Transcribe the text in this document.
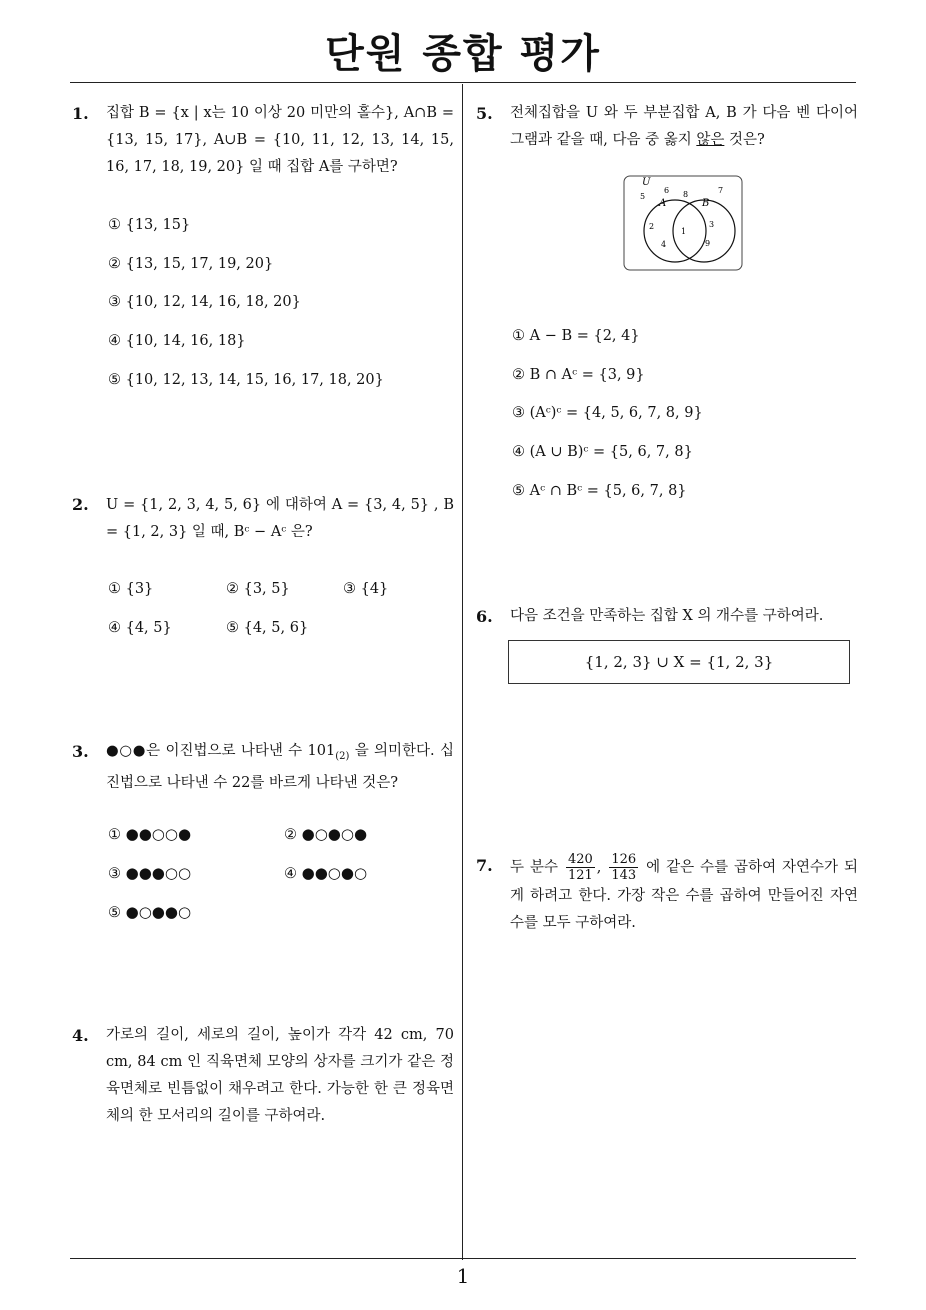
단원 종합 평가
1
1. 집합 B = {x | x는 10 이상 20 미만의 홀수}, A∩B = {13, 15, 17}, A∪B = {10, 11, 12, 13, 14, 15, 16, 17, 18, 19, 20} 일 때 집합 A를 구하면?
① {13, 15}
② {13, 15, 17, 19, 20}
③ {10, 12, 14, 16, 18, 20}
④ {10, 14, 16, 18}
⑤ {10, 12, 13, 14, 15, 16, 17, 18, 20}
2. U = {1, 2, 3, 4, 5, 6} 에 대하여 A = {3, 4, 5} , B = {1, 2, 3} 일 때, Bᶜ − Aᶜ 은?
① {3}	② {3, 5}	③ {4}
④ {4, 5}	⑤ {4, 5, 6}
3. ●○●은 이진법으로 나타낸 수 $101_{(2)}$ 을 의미한다. 십진법으로 나타낸 수 22를 바르게 나타낸 것은?
① ●●○○●	② ●○●○●
③ ●●●○○	④ ●●○●○
⑤ ●○●●○
4. 가로의 길이, 세로의 길이, 높이가 각각 42 cm, 70 cm, 84 cm 인 직육면체 모양의 상자를 크기가 같은 정육면체로 빈틈없이 채우려고 한다. 가능한 한 큰 정육면체의 한 모서리의 길이를 구하여라.
5. 전체집합을 U 와 두 부분집합 A, B 가 다음 벤 다이어그램과 같을 때, 다음 중 옳지 않은 것은?
U
A	B
5
6 8	7
2
4
1
3
9
① A − B = {2, 4}
② B ∩ Aᶜ = {3, 9}
③ (Aᶜ)ᶜ = {4, 5, 6, 7, 8, 9}
④ (A ∪ B)ᶜ = {5, 6, 7, 8}
⑤ Aᶜ ∩ Bᶜ = {5, 6, 7, 8}
6. 다음 조건을 만족하는 집합 X 의 개수를 구하여라.
{1, 2, 3} ∪ X = {1, 2, 3}
7. 두 분수 $\frac{420}{121}$ , $\frac{126}{143}$ 에 같은 수를 곱하여 자연수가 되게 하려고 한다. 가장 작은 수를 곱하여 만들어진 자연수를 모두 구하여라.
